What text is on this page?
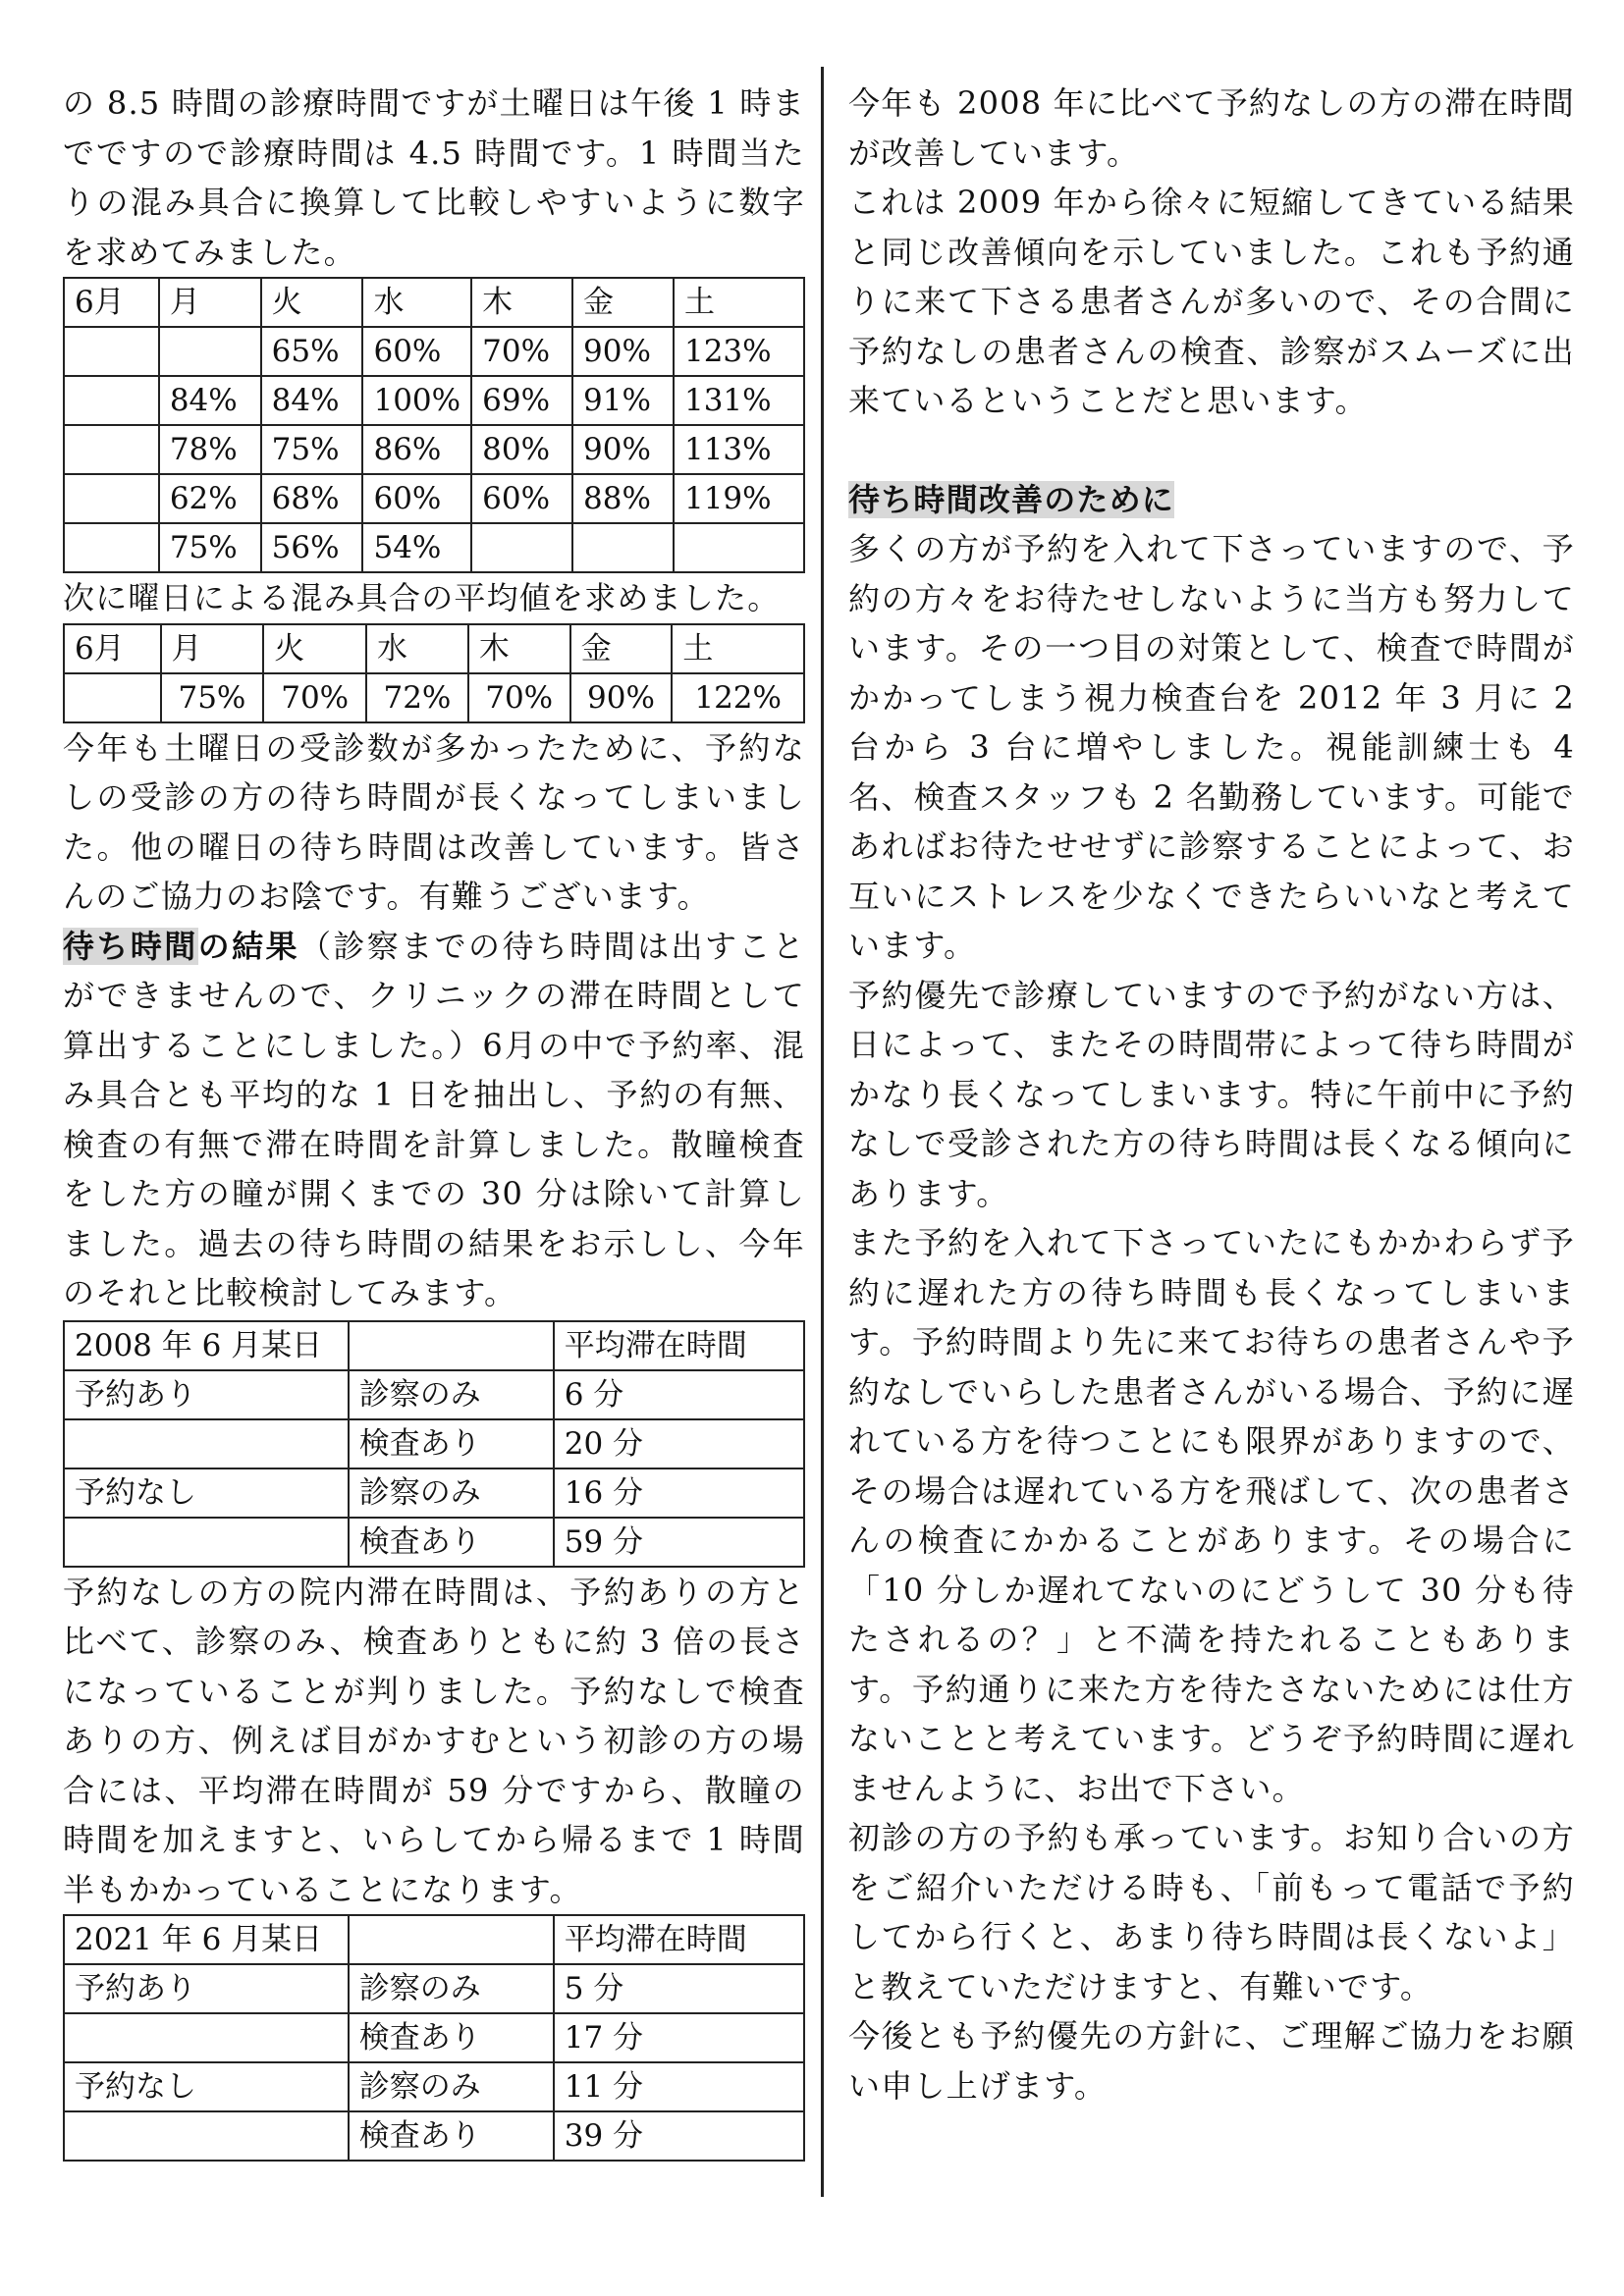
の 8.5 時間の診療時間ですが土曜日は午後 1 時までですので診療時間は 4.5 時間です。1 時間当たりの混み具合に換算して比較しやすいように数字を求めてみました。

6月	月	火	水	木	金	土
		65%	60%	70%	90%	123%
	84%	84%	100%	69%	91%	131%
	78%	75%	86%	80%	90%	113%
	62%	68%	60%	60%	88%	119%
	75%	56%	54%			

次に曜日による混み具合の平均値を求めました。

6月	月	火	水	木	金	土
	75%	70%	72%	70%	90%	122%

今年も土曜日の受診数が多かったために、予約なしの受診の方の待ち時間が長くなってしまいました。他の曜日の待ち時間は改善しています。皆さんのご協力のお陰です。有難うございます。

待ち時間の結果（診察までの待ち時間は出すことができませんので、クリニックの滞在時間として算出することにしました。）6月の中で予約率、混み具合とも平均的な 1 日を抽出し、予約の有無、検査の有無で滞在時間を計算しました。散瞳検査をした方の瞳が開くまでの 30 分は除いて計算しました。過去の待ち時間の結果をお示しし、今年のそれと比較検討してみます。

2008 年 6 月某日		平均滞在時間
予約あり	診察のみ	6 分
	検査あり	20 分
予約なし	診察のみ	16 分
	検査あり	59 分

予約なしの方の院内滞在時間は、予約ありの方と比べて、診察のみ、検査ありともに約 3 倍の長さになっていることが判りました。予約なしで検査ありの方、例えば目がかすむという初診の方の場合には、平均滞在時間が 59 分ですから、散瞳の時間を加えますと、いらしてから帰るまで 1 時間半もかかっていることになります。

2021 年 6 月某日		平均滞在時間
予約あり	診察のみ	5 分
	検査あり	17 分
予約なし	診察のみ	11 分
	検査あり	39 分

今年も 2008 年に比べて予約なしの方の滞在時間が改善しています。

これは 2009 年から徐々に短縮してきている結果と同じ改善傾向を示していました。これも予約通りに来て下さる患者さんが多いので、その合間に予約なしの患者さんの検査、診察がスムーズに出来ているということだと思います。

待ち時間改善のために

多くの方が予約を入れて下さっていますので、予約の方々をお待たせしないように当方も努力しています。その一つ目の対策として、検査で時間がかかってしまう視力検査台を 2012 年 3 月に 2 台から 3 台に増やしました。視能訓練士も 4 名、検査スタッフも 2 名勤務しています。可能であればお待たせせずに診察することによって、お互いにストレスを少なくできたらいいなと考えています。

予約優先で診療していますので予約がない方は、日によって、またその時間帯によって待ち時間がかなり長くなってしまいます。特に午前中に予約なしで受診された方の待ち時間は長くなる傾向にあります。

また予約を入れて下さっていたにもかかわらず予約に遅れた方の待ち時間も長くなってしまいます。予約時間より先に来てお待ちの患者さんや予約なしでいらした患者さんがいる場合、予約に遅れている方を待つことにも限界がありますので、その場合は遅れている方を飛ばして、次の患者さんの検査にかかることがあります。その場合に「10 分しか遅れてないのにどうして 30 分も待たされるの？」と不満を持たれることもあります。予約通りに来た方を待たさないためには仕方ないことと考えています。どうぞ予約時間に遅れませんように、お出で下さい。

初診の方の予約も承っています。お知り合いの方をご紹介いただける時も、「前もって電話で予約してから行くと、あまり待ち時間は長くないよ」と教えていただけますと、有難いです。

今後とも予約優先の方針に、ご理解ご協力をお願い申し上げます。
